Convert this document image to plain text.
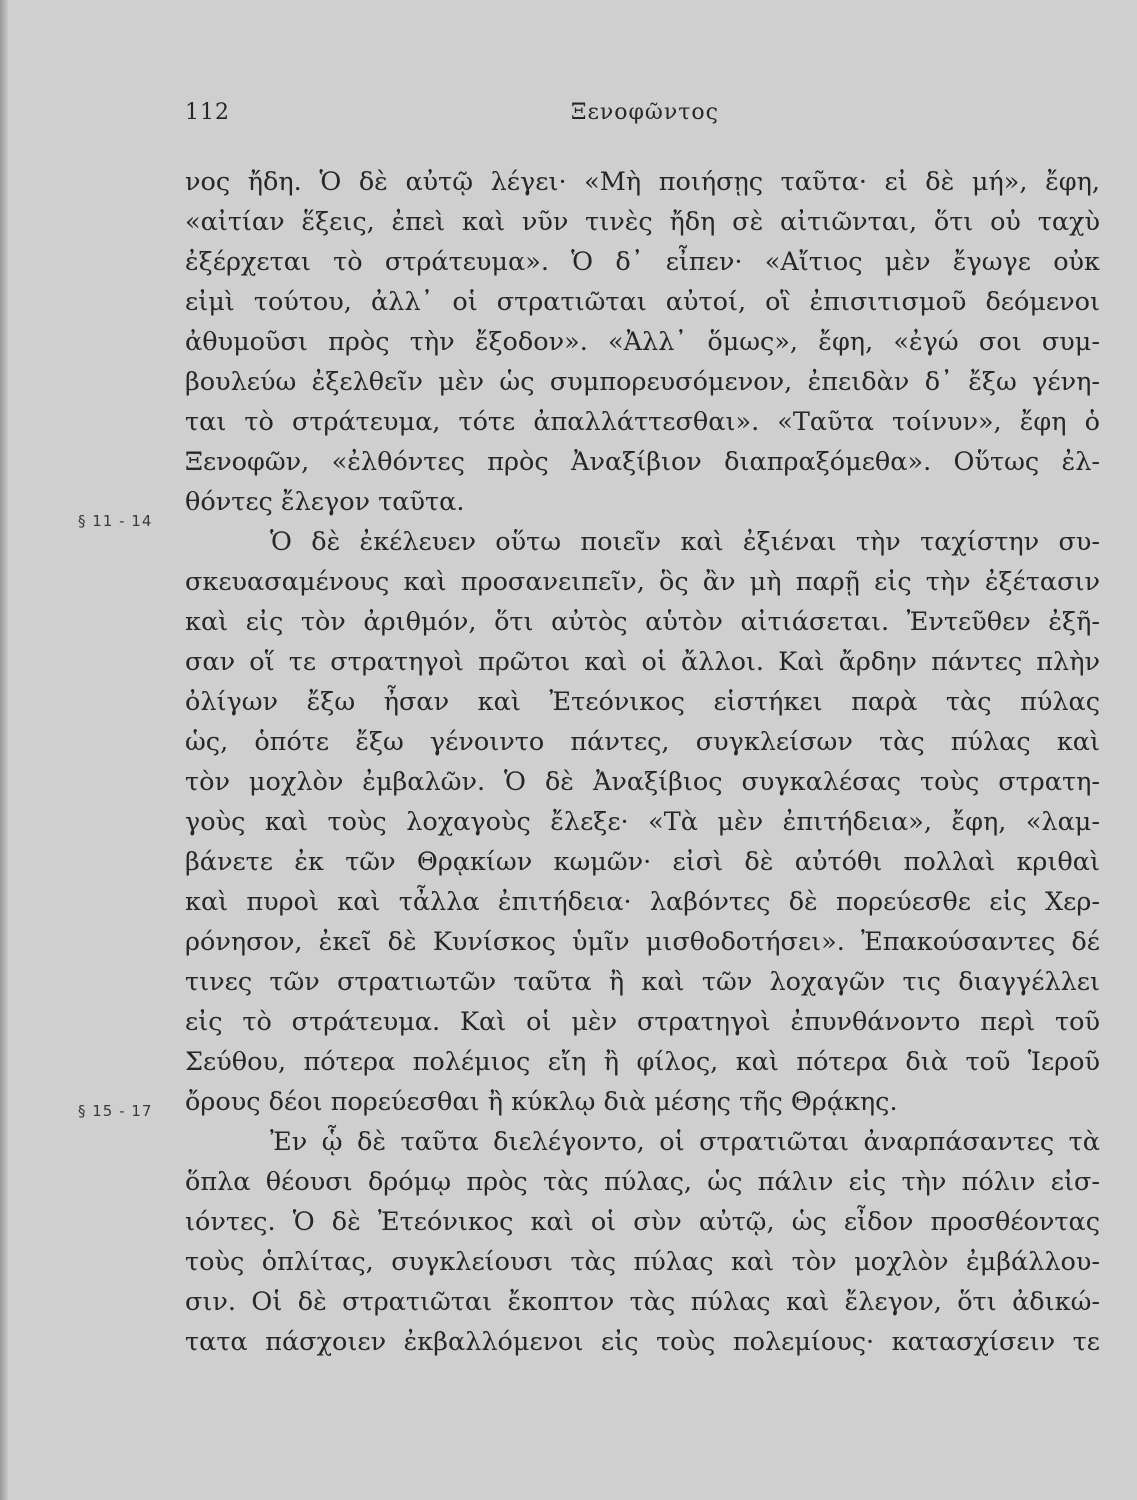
112	Ξενοφῶντος
§ 11 - 14
§ 15 - 17
νος ἤδη. Ὁ δὲ αὐτῷ λέγει· «Μὴ ποιήσῃς ταῦτα· εἰ δὲ μή», ἔφη,
«αἰτίαν ἕξεις, ἐπεὶ καὶ νῦν τινὲς ἤδη σὲ αἰτιῶνται, ὅτι οὐ ταχὺ
ἐξέρχεται τὸ στράτευμα». Ὁ δ᾽ εἶπεν· «Αἴτιος μὲν ἔγωγε οὐκ
εἰμὶ τούτου, ἀλλ᾽ οἱ στρατιῶται αὐτοί, οἳ ἐπισιτισμοῦ δεόμενοι
ἀθυμοῦσι πρὸς τὴν ἔξοδον». «Ἀλλ᾽ ὅμως», ἔφη, «ἐγώ σοι συμ-
βουλεύω ἐξελθεῖν μὲν ὡς συμπορευσόμενον, ἐπειδὰν δ᾽ ἔξω γένη-
ται τὸ στράτευμα, τότε ἀπαλλάττεσθαι». «Ταῦτα τοίνυν», ἔφη ὁ
Ξενοφῶν, «ἐλθόντες πρὸς Ἀναξίβιον διαπραξόμεθα». Οὕτως ἐλ-
θόντες ἔλεγον ταῦτα.
Ὁ δὲ ἐκέλευεν οὕτω ποιεῖν καὶ ἐξιέναι τὴν ταχίστην συ-
σκευασαμένους καὶ προσανειπεῖν, ὃς ἂν μὴ παρῇ εἰς τὴν ἐξέτασιν
καὶ εἰς τὸν ἀριθμόν, ὅτι αὐτὸς αὑτὸν αἰτιάσεται. Ἐντεῦθεν ἐξῆ-
σαν οἵ τε στρατηγοὶ πρῶτοι καὶ οἱ ἄλλοι. Καὶ ἄρδην πάντες πλὴν
ὀλίγων ἔξω ἦσαν καὶ Ἐτεόνικος εἱστήκει παρὰ τὰς πύλας
ὡς, ὁπότε ἔξω γένοιντο πάντες, συγκλείσων τὰς πύλας καὶ
τὸν μοχλὸν ἐμβαλῶν. Ὁ δὲ Ἀναξίβιος συγκαλέσας τοὺς στρατη-
γοὺς καὶ τοὺς λοχαγοὺς ἔλεξε· «Τὰ μὲν ἐπιτήδεια», ἔφη, «λαμ-
βάνετε ἐκ τῶν Θρᾳκίων κωμῶν· εἰσὶ δὲ αὐτόθι πολλαὶ κριθαὶ
καὶ πυροὶ καὶ τἆλλα ἐπιτήδεια· λαβόντες δὲ πορεύεσθε εἰς Χερ-
ρόνησον, ἐκεῖ δὲ Κυνίσκος ὑμῖν μισθοδοτήσει». Ἐπακούσαντες δέ
τινες τῶν στρατιωτῶν ταῦτα ἢ καὶ τῶν λοχαγῶν τις διαγγέλλει
εἰς τὸ στράτευμα. Καὶ οἱ μὲν στρατηγοὶ ἐπυνθάνοντο περὶ τοῦ
Σεύθου, πότερα πολέμιος εἴη ἢ φίλος, καὶ πότερα διὰ τοῦ Ἱεροῦ
ὄρους δέοι πορεύεσθαι ἢ κύκλῳ διὰ μέσης τῆς Θρᾴκης.
Ἐν ᾧ δὲ ταῦτα διελέγοντο, οἱ στρατιῶται ἀναρπάσαντες τὰ
ὅπλα θέουσι δρόμῳ πρὸς τὰς πύλας, ὡς πάλιν εἰς τὴν πόλιν εἰσ-
ιόντες. Ὁ δὲ Ἐτεόνικος καὶ οἱ σὺν αὐτῷ, ὡς εἶδον προσθέοντας
τοὺς ὁπλίτας, συγκλείουσι τὰς πύλας καὶ τὸν μοχλὸν ἐμβάλλου-
σιν. Οἱ δὲ στρατιῶται ἔκοπτον τὰς πύλας καὶ ἔλεγον, ὅτι ἀδικώ-
τατα πάσχοιεν ἐκβαλλόμενοι εἰς τοὺς πολεμίους· κατασχίσειν τε
